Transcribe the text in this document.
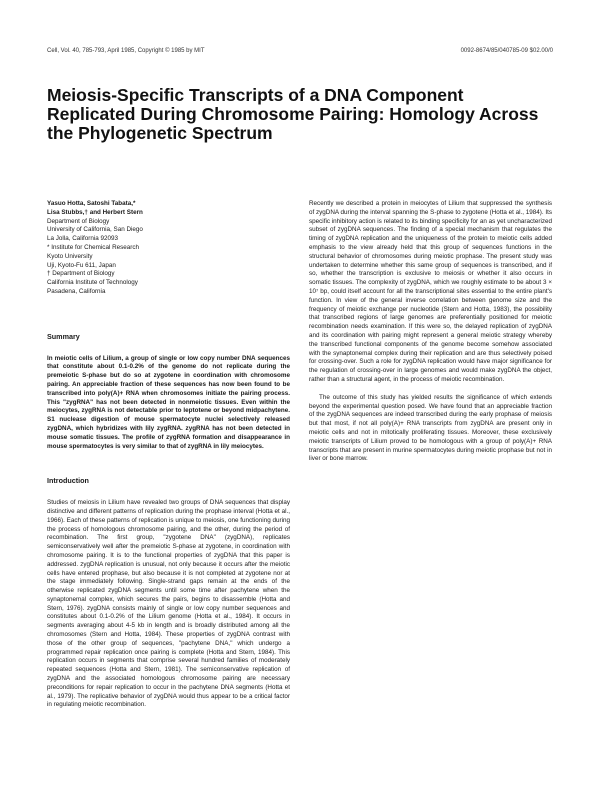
Cell, Vol. 40, 785-793, April 1985, Copyright © 1985 by MIT	0092-8674/85/040785-09 $02.00/0
Meiosis-Specific Transcripts of a DNA Component Replicated During Chromosome Pairing: Homology Across the Phylogenetic Spectrum
Yasuo Hotta, Satoshi Tabata,*
Lisa Stubbs,† and Herbert Stern
Department of Biology
University of California, San Diego
La Jolla, California 92093
* Institute for Chemical Research
Kyoto University
Uji, Kyoto-Fu 611, Japan
† Department of Biology
California Institute of Technology
Pasadena, California
Summary

In meiotic cells of Lilium, a group of single or low copy number DNA sequences that constitute about 0.1-0.2% of the genome do not replicate during the premeiotic S-phase but do so at zygotene in coordination with chromosome pairing. An appreciable fraction of these sequences has now been found to be transcribed into poly(A)+ RNA when chromosomes initiate the pairing process. This "zygRNA" has not been detected in nonmeiotic tissues. Even within the meiocytes, zygRNA is not detectable prior to leptotene or beyond midpachytene. S1 nuclease digestion of mouse spermatocyte nuclei selectively released zygDNA, which hybridizes with lily zygRNA. zygRNA has not been detected in mouse somatic tissues. The profile of zygRNA formation and disappearance in mouse spermatocytes is very similar to that of zygRNA in lily meiocytes.

Introduction

Studies of meiosis in Lilium have revealed two groups of DNA sequences that display distinctive and different patterns of replication during the prophase interval (Hotta et al., 1966). Each of these patterns of replication is unique to meiosis, one functioning during the process of homologous chromosome pairing, and the other, during the period of recombination. The first group, "zygotene DNA" (zygDNA), replicates semiconservatively well after the premeiotic S-phase at zygotene, in coordination with chromosome pairing. It is to the functional properties of zygDNA that this paper is addressed. zygDNA replication is unusual, not only because it occurs after the meiotic cells have entered prophase, but also because it is not completed at zygotene nor at the stage immediately following. Single-strand gaps remain at the ends of the otherwise replicated zygDNA segments until some time after pachytene when the synaptonemal complex, which secures the pairs, begins to disassemble (Hotta and Stern, 1976). zygDNA consists mainly of single or low copy number sequences and constitutes about 0.1-0.2% of the Lilium genome (Hotta et al., 1984). It occurs in segments averaging about 4-5 kb in length and is broadly distributed among all the chromosomes (Stern and Hotta, 1984). These properties of zygDNA contrast with those of the other group of sequences, "pachytene DNA," which undergo a programmed repair replication once pairing is complete (Hotta and Stern, 1984). This replication occurs in segments that comprise several hundred families of moderately repeated sequences (Hotta and Stern, 1981). The semiconservative replication of zygDNA and the associated homologous chromosome pairing are necessary preconditions for repair replication to occur in the pachytene DNA segments (Hotta et al., 1979). The replicative behavior of zygDNA would thus appear to be a critical factor in regulating meiotic recombination.

Recently we described a protein in meiocytes of Lilium that suppressed the synthesis of zygDNA during the interval spanning the S-phase to zygotene (Hotta et al., 1984). Its specific inhibitory action is related to its binding specificity for an as yet uncharacterized subset of zygDNA sequences. The finding of a special mechanism that regulates the timing of zygDNA replication and the uniqueness of the protein to meiotic cells added emphasis to the view already held that this group of sequences functions in the structural behavior of chromosomes during meiotic prophase. The present study was undertaken to determine whether this same group of sequences is transcribed, and if so, whether the transcription is exclusive to meiosis or whether it also occurs in somatic tissues. The complexity of zygDNA, which we roughly estimate to be about 3 × 10⁷ bp, could itself account for all the transcriptional sites essential to the entire plant's function. In view of the general inverse correlation between genome size and the frequency of meiotic exchange per nucleotide (Stern and Hotta, 1983), the possibility that transcribed regions of large genomes are preferentially positioned for meiotic recombination needs examination. If this were so, the delayed replication of zygDNA and its coordination with pairing might represent a general meiotic strategy whereby the transcribed functional components of the genome become somehow associated with the synaptonemal complex during their replication and are thus selectively poised for crossing-over. Such a role for zygDNA replication would have major significance for the regulation of crossing-over in large genomes and would make zygDNA the object, rather than a structural agent, in the process of meiotic recombination.

The outcome of this study has yielded results the significance of which extends beyond the experimental question posed. We have found that an appreciable fraction of the zygDNA sequences are indeed transcribed during the early prophase of meiosis but that most, if not all poly(A)+ RNA transcripts from zygDNA are present only in meiotic cells and not in mitotically proliferating tissues. Moreover, these exclusively meiotic transcripts of Lilium proved to be homologous with a group of poly(A)+ RNA transcripts that are present in murine spermatocytes during meiotic prophase but not in liver or bone marrow.
